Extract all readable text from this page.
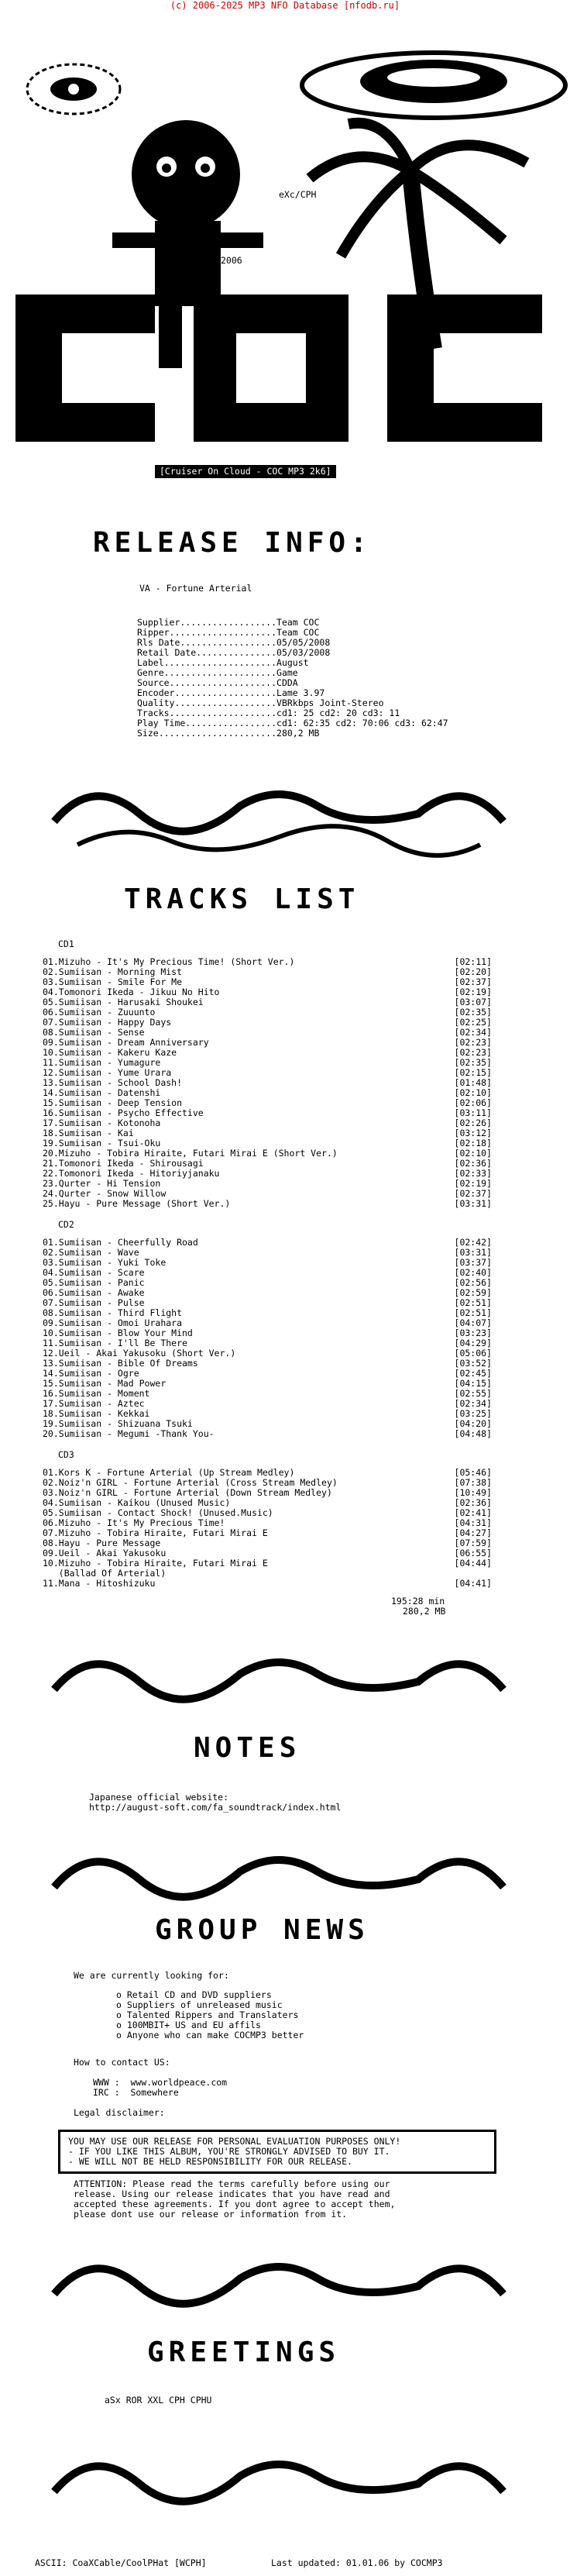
(c) 2006-2025 MP3 NFO Database [nfodb.ru]
eXc/CPH
2006
[Cruiser On Cloud - COC MP3 2k6]
RELEASE INFO:
VA - Fortune Arterial
Supplier..................Team COC
Ripper....................Team COC
Rls Date..................05/05/2008
Retail Date...............05/03/2008
Label.....................August
Genre.....................Game
Source....................CDDA
Encoder...................Lame 3.97
Quality...................VBRkbps Joint-Stereo
Tracks....................cd1: 25 cd2: 20 cd3: 11
Play Time.................cd1: 62:35 cd2: 70:06 cd3: 62:47
Size......................280,2 MB
TRACKS LIST
CD1
01.Mizuho - It's My Precious Time! (Short Ver.)	[02:11]
02.Sumiisan - Morning Mist	[02:20]
03.Sumiisan - Smile For Me	[02:37]
04.Tomonori Ikeda - Jikuu No Hito	[02:19]
05.Sumiisan - Harusaki Shoukei	[03:07]
06.Sumiisan - Zuuunto	[02:35]
07.Sumiisan - Happy Days	[02:25]
08.Sumiisan - Sense	[02:34]
09.Sumiisan - Dream Anniversary	[02:23]
10.Sumiisan - Kakeru Kaze	[02:23]
11.Sumiisan - Yumagure	[02:35]
12.Sumiisan - Yume Urara	[02:15]
13.Sumiisan - School Dash!	[01:48]
14.Sumiisan - Datenshi	[02:10]
15.Sumiisan - Deep Tension	[02:06]
16.Sumiisan - Psycho Effective	[03:11]
17.Sumiisan - Kotonoha	[02:26]
18.Sumiisan - Kai	[03:12]
19.Sumiisan - Tsui-Oku	[02:18]
20.Mizuho - Tobira Hiraite, Futari Mirai E (Short Ver.)	[02:10]
21.Tomonori Ikeda - Shirousagi	[02:36]
22.Tomonori Ikeda - Hitoriyjanaku	[02:33]
23.Qurter - Hi Tension	[02:19]
24.Qurter - Snow Willow	[02:37]
25.Hayu - Pure Message (Short Ver.)	[03:31]
CD2
01.Sumiisan - Cheerfully Road	[02:42]
02.Sumiisan - Wave	[03:31]
03.Sumiisan - Yuki Toke	[03:37]
04.Sumiisan - Scare	[02:40]
05.Sumiisan - Panic	[02:56]
06.Sumiisan - Awake	[02:59]
07.Sumiisan - Pulse	[02:51]
08.Sumiisan - Third Flight	[02:51]
09.Sumiisan - Omoi Urahara	[04:07]
10.Sumiisan - Blow Your Mind	[03:23]
11.Sumiisan - I'll Be There	[04:29]
12.Ueil - Akai Yakusoku (Short Ver.)	[05:06]
13.Sumiisan - Bible Of Dreams	[03:52]
14.Sumiisan - Ogre	[02:45]
15.Sumiisan - Mad Power	[04:15]
16.Sumiisan - Moment	[02:55]
17.Sumiisan - Aztec	[02:34]
18.Sumiisan - Kekkai	[03:25]
19.Sumiisan - Shizuana Tsuki	[04:20]
20.Sumiisan - Megumi -Thank You-	[04:48]
CD3
01.Kors K - Fortune Arterial (Up Stream Medley)	[05:46]
02.Noiz'n GIRL - Fortune Arterial (Cross Stream Medley)	[07:38]
03.Noiz'n GIRL - Fortune Arterial (Down Stream Medley)	[10:49]
04.Sumiisan - Kaikou (Unused Music)	[02:36]
05.Sumiisan - Contact Shock! (Unused.Music)	[02:41]
06.Mizuho - It's My Precious Time!	[04:31]
07.Mizuho - Tobira Hiraite, Futari Mirai E	[04:27]
08.Hayu - Pure Message	[07:59]
09.Ueil - Akai Yakusoku	[06:55]
10.Mizuho - Tobira Hiraite, Futari Mirai E
(Ballad Of Arterial)
[04:44]
11.Mana - Hitoshizuku	[04:41]
195:28 min
280,2 MB
NOTES
Japanese official website:
http://august-soft.com/fa_soundtrack/index.html
GROUP NEWS
We are currently looking for:
o Retail CD and DVD suppliers
o Suppliers of unreleased music
o Talented Rippers and Translaters
o 100MBIT+ US and EU affils
o Anyone who can make COCMP3 better
How to contact US:
WWW :  www.worldpeace.com
IRC :  Somewhere
Legal disclaimer:
YOU MAY USE OUR RELEASE FOR PERSONAL EVALUATION PURPOSES ONLY!
- IF YOU LIKE THIS ALBUM, YOU'RE STRONGLY ADVISED TO BUY IT.
- WE WILL NOT BE HELD RESPONSIBILITY FOR OUR RELEASE.
ATTENTION: Please read the terms carefully before using our
release. Using our release indicates that you have read and
accepted these agreements. If you dont agree to accept them,
please dont use our release or information from it.
GREETINGS
aSx ROR XXL CPH CPHU
ASCII: CoaXCable/CoolPHat [WCPH]	Last updated: 01.01.06 by COCMP3
